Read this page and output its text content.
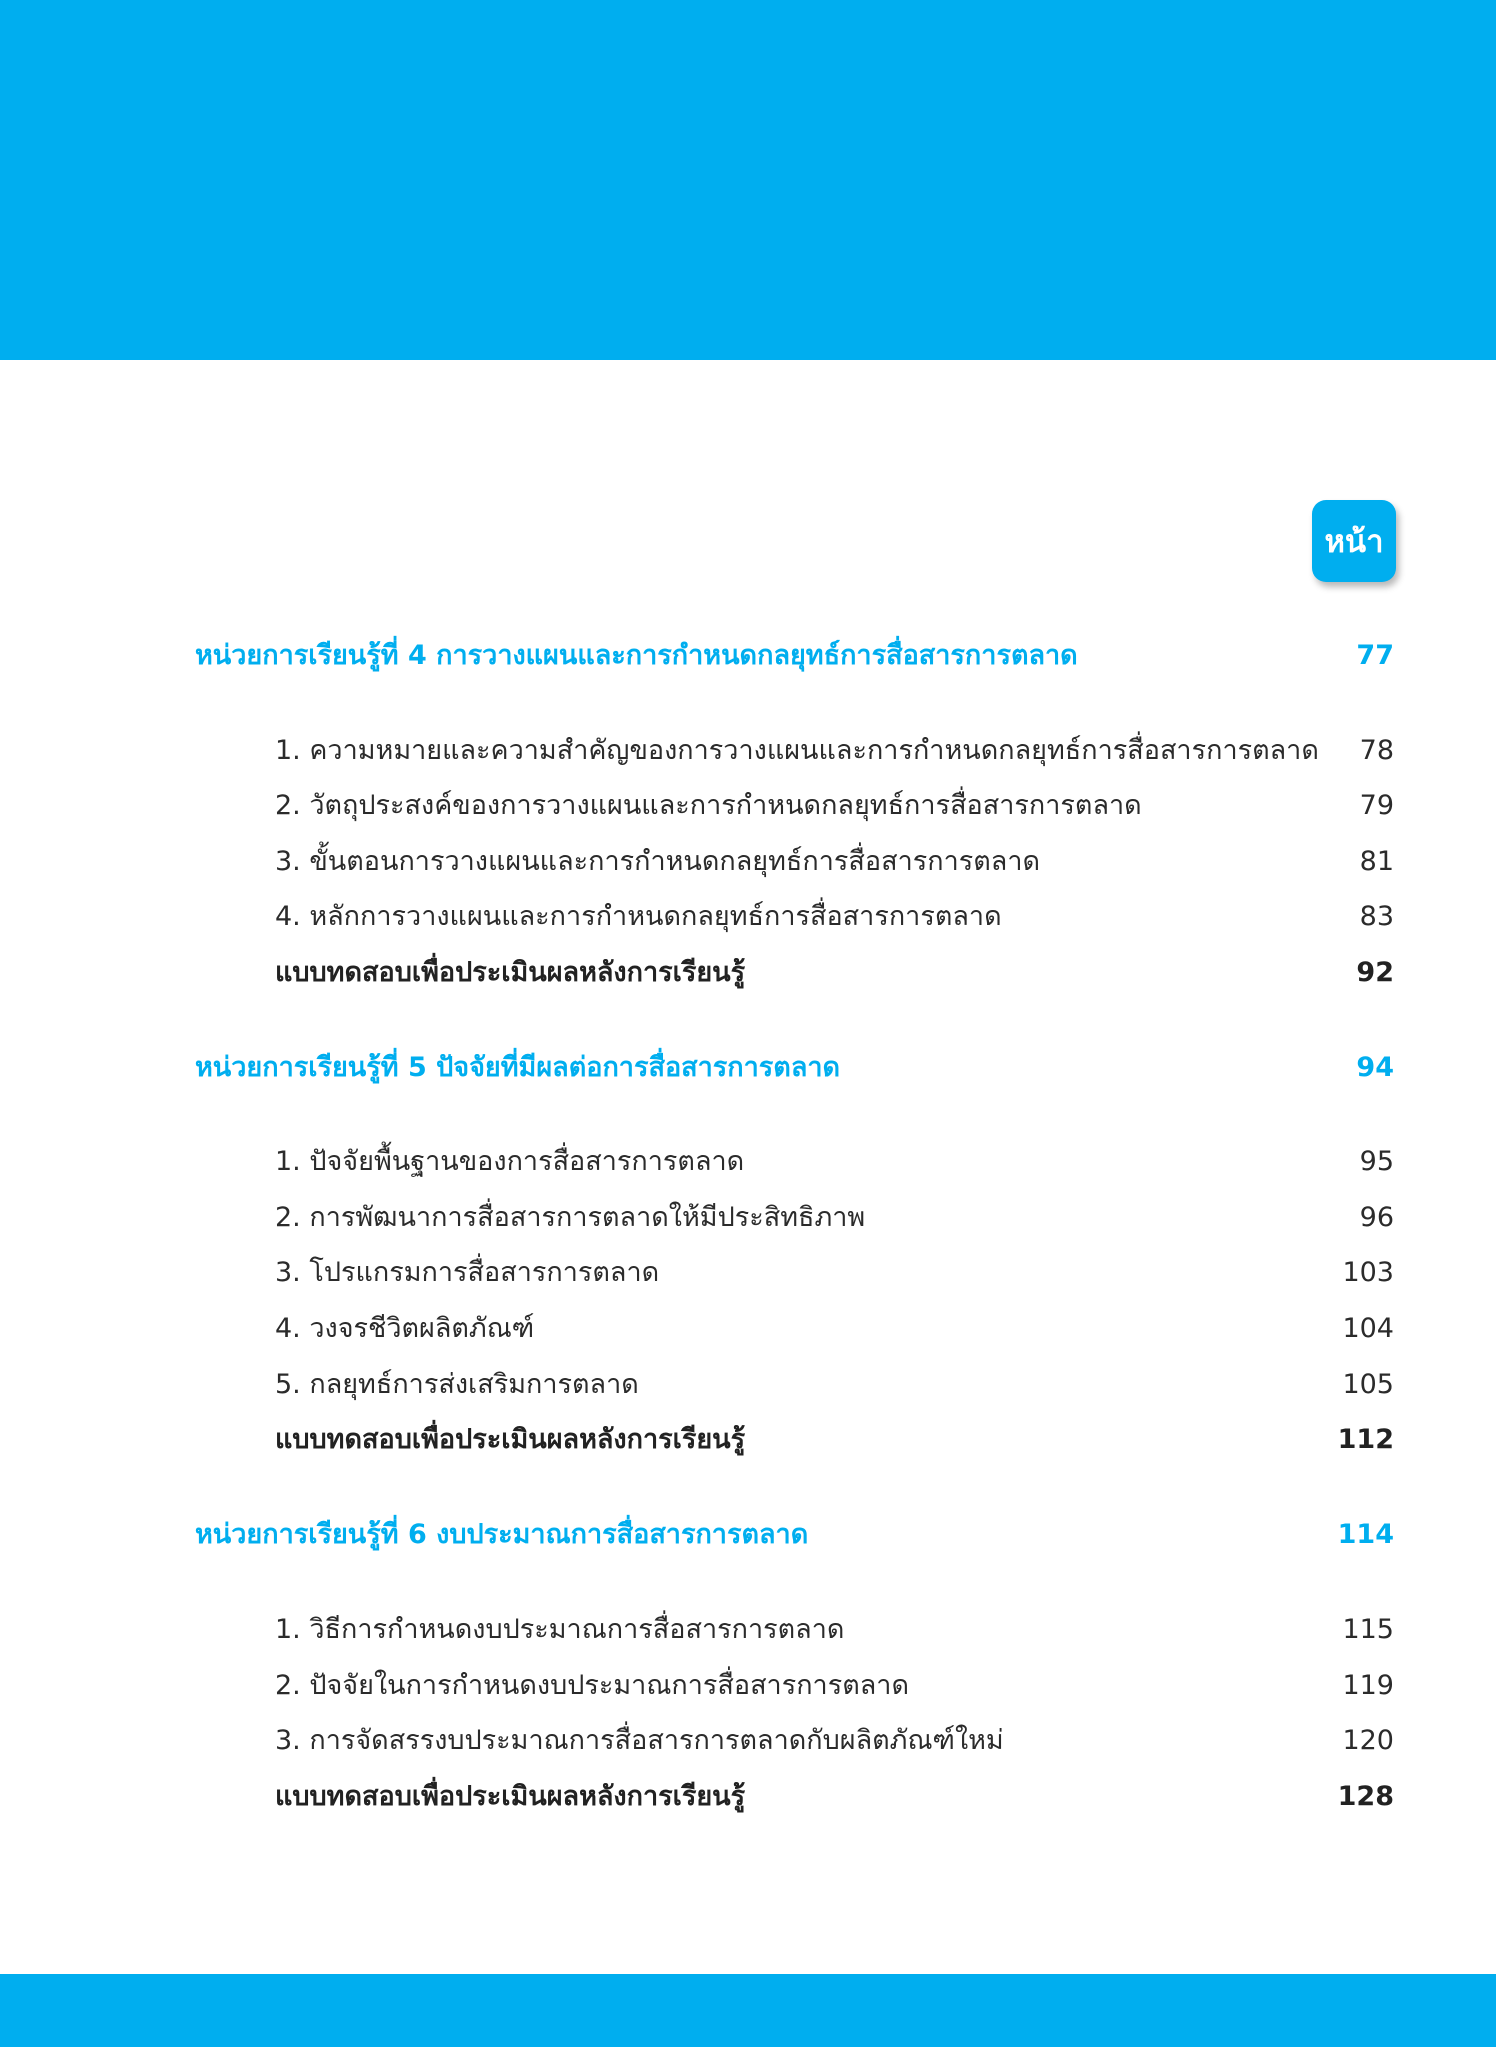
หน้า
หน่วยการเรียนรู้ที่ 4 การวางแผนและการกำหนดกลยุทธ์การสื่อสารการตลาด	77
1. ความหมายและความสำคัญของการวางแผนและการกำหนดกลยุทธ์การสื่อสารการตลาด 78
2. วัตถุประสงค์ของการวางแผนและการกำหนดกลยุทธ์การสื่อสารการตลาด	79
3. ขั้นตอนการวางแผนและการกำหนดกลยุทธ์การสื่อสารการตลาด	81
4. หลักการวางแผนและการกำหนดกลยุทธ์การสื่อสารการตลาด	83
แบบทดสอบเพื่อประเมินผลหลังการเรียนรู้	92
หน่วยการเรียนรู้ที่ 5 ปัจจัยที่มีผลต่อการสื่อสารการตลาด	94
1. ปัจจัยพื้นฐานของการสื่อสารการตลาด	95
2. การพัฒนาการสื่อสารการตลาดให้มีประสิทธิภาพ	96
3. โปรแกรมการสื่อสารการตลาด	103
4. วงจรชีวิตผลิตภัณฑ์	104
5. กลยุทธ์การส่งเสริมการตลาด	105
แบบทดสอบเพื่อประเมินผลหลังการเรียนรู้	112
หน่วยการเรียนรู้ที่ 6 งบประมาณการสื่อสารการตลาด	114
1. วิธีการกำหนดงบประมาณการสื่อสารการตลาด	115
2. ปัจจัยในการกำหนดงบประมาณการสื่อสารการตลาด	119
3. การจัดสรรงบประมาณการสื่อสารการตลาดกับผลิตภัณฑ์ใหม่	120
แบบทดสอบเพื่อประเมินผลหลังการเรียนรู้	128
